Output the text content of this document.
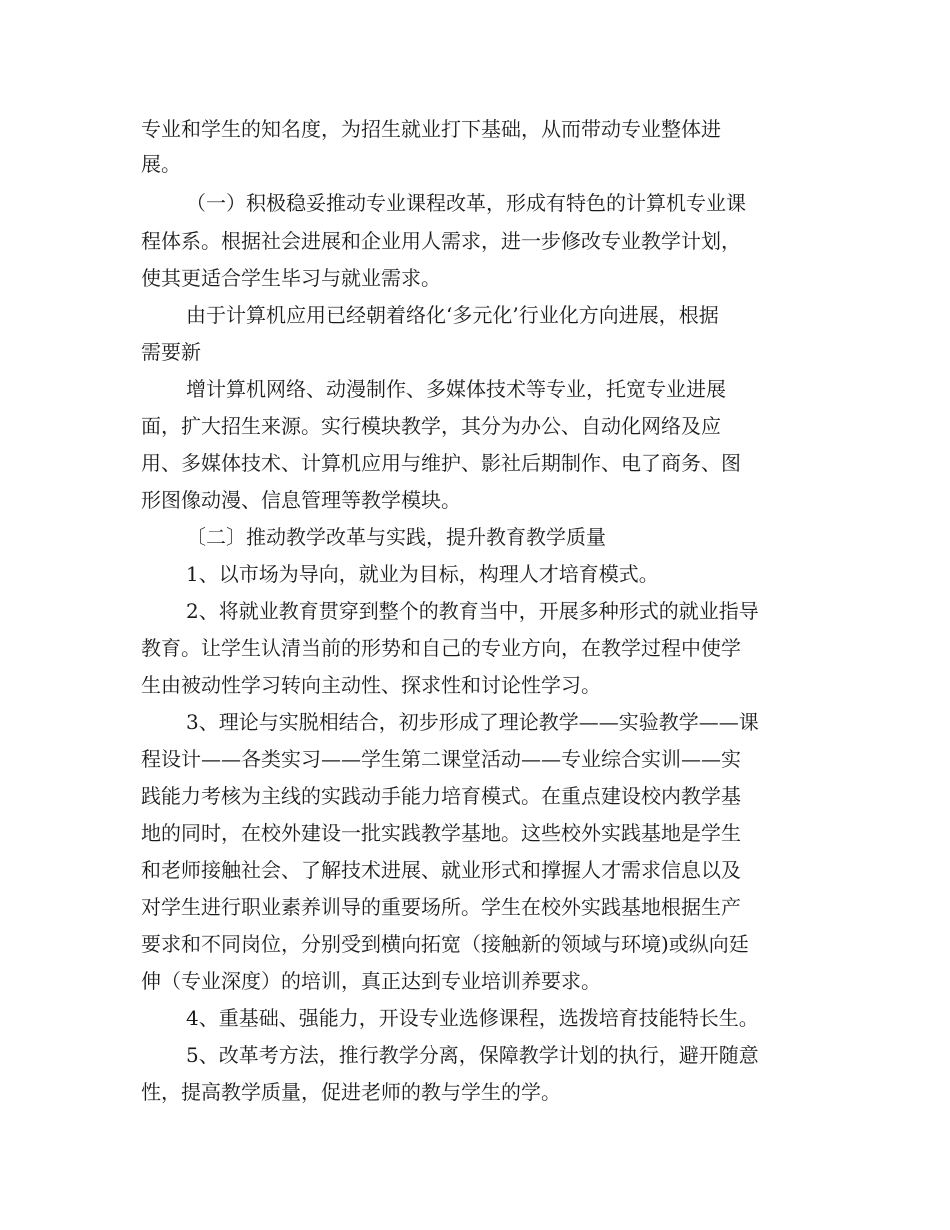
专业和学生的知名度，为招生就业打下基础，从而带动专业整体进
展。
（一）积极稳妥推动专业课程改革，形成有特色的计算机专业课
程体系。根据社会进展和企业用人需求，进一步修改专业教学计划，
使其更适合学生毕习与就业需求。
由于计算机应用已经朝着络化‘多元化’行业化方向进展，根据
需要新
增计算机网络、动漫制作、多媒体技术等专业，托宽专业进展
面，扩大招生来源。实行模块教学，其分为办公、自动化网络及应
用、多媒体技术、计算机应用与维护、影社后期制作、电了商务、图
形图像动漫、信息管理等教学模块。
〔二〕推动教学改革与实践，提升教育教学质量
1、以市场为导向，就业为目标，构理人才培育模式。
2、将就业教育贯穿到整个的教育当中，开展多种形式的就业指导
教育。让学生认清当前的形势和自己的专业方向，在教学过程中使学
生由被动性学习转向主动性、探求性和讨论性学习。
3、理论与实脱相结合，初步形成了理论教学——实验教学——课
程设计——各类实习——学生第二课堂活动——专业综合实训——实
践能力考核为主线的实践动手能力培育模式。在重点建设校内教学基
地的同时，在校外建设一批实践教学基地。这些校外实践基地是学生
和老师接触社会、了解技术进展、就业形式和撑握人才需求信息以及
对学生进行职业素养训导的重要场所。学生在校外实践基地根据生产
要求和不同岗位，分别受到横向拓宽（接触新的领域与环境)或纵向廷
伸（专业深度）的培训，真正达到专业培训养要求。
4、重基础、强能力，开设专业选修课程，选拨培育技能特长生。
5、改革考方法，推行教学分离，保障教学计划的执行，避开随意
性，提高教学质量，促进老师的教与学生的学。
